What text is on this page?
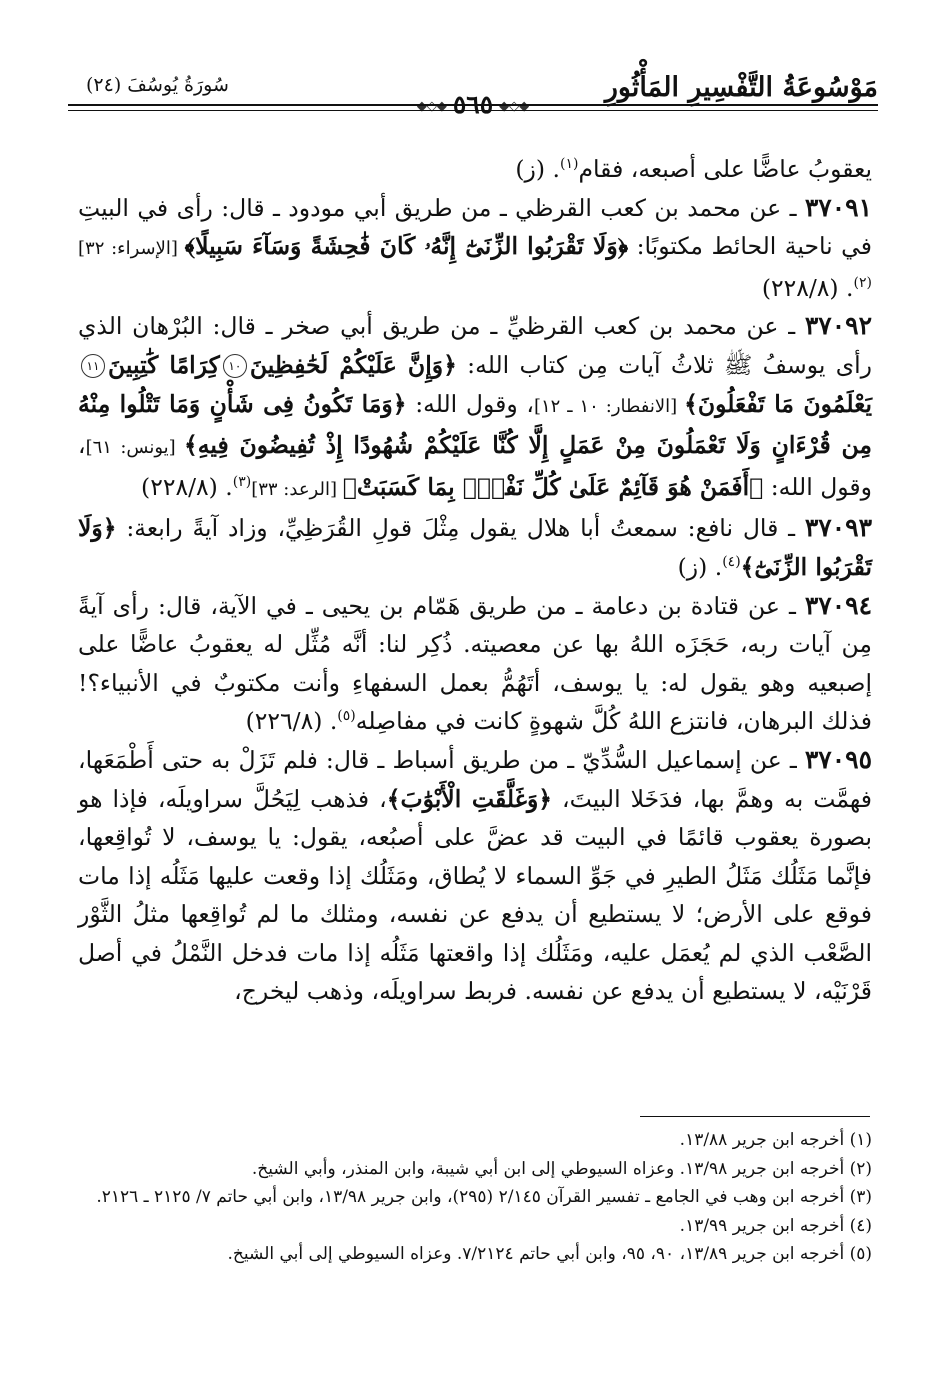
مَوْسُوعَةُ التَّفْسِيرِ المَأْثُورِ
سُورَةُ يُوسُفَ (٢٤)
◆◇◆ ٥٦٥ ◆◇◆

يعقوبُ عاضًّا على أصبعه، فقام$^{(١)}$. (ز)

٣٧٠٩١ ـ عن محمد بن كعب القرظي ـ من طريق أبي مودود ـ قال: رأى في البيتِ في ناحية الحائط مكتوبًا: ﴿وَلَا تَقْرَبُوا الزِّنَىٰٓ إِنَّهُۥ كَانَ فَٰحِشَةً وَسَآءَ سَبِيلًا﴾ [الإسراء: ٣٢]$^{(٢)}$. (٢٢٨/٨)

٣٧٠٩٢ ـ عن محمد بن كعب القرظيِّ ـ من طريق أبي صخر ـ قال: البُرْهان الذي رأى يوسفُ ﷺ ثلاثُ آيات مِن كتاب الله: ﴿وَإِنَّ عَلَيْكُمْ لَحَٰفِظِينَ١٠كِرَامًا كَٰتِبِينَ١١يَعْلَمُونَ مَا تَفْعَلُونَ﴾ [الانفطار: ١٠ ـ ١٢]، وقول الله: ﴿وَمَا تَكُونُ فِى شَأْنٍ وَمَا تَتْلُوا مِنْهُ مِن قُرْءَانٍ وَلَا تَعْمَلُونَ مِنْ عَمَلٍ إِلَّا كُنَّا عَلَيْكُمْ شُهُودًا إِذْ تُفِيضُونَ فِيهِ﴾ [يونس: ٦١]، وقول الله: ﴿أَفَمَنْ هُوَ قَآئِمٌ عَلَىٰ كُلِّ نَفْسٍۭ بِمَا كَسَبَتْ﴾ [الرعد: ٣٣]$^{(٣)}$. (٢٢٨/٨)

٣٧٠٩٣ ـ قال نافع: سمعتُ أبا هلال يقول مِثْلَ قولِ القُرَظِيِّ، وزاد آيةً رابعة: ﴿وَلَا تَقْرَبُوا الزِّنَىٰٓ﴾$^{(٤)}$. (ز)

٣٧٠٩٤ ـ عن قتادة بن دعامة ـ من طريق هَمّام بن يحيى ـ في الآية، قال: رأى آيةً مِن آيات ربه، حَجَزَه اللهُ بها عن معصيته. ذُكِر لنا: أنَّه مُثِّل له يعقوبُ عاضًّا على إصبعيه وهو يقول له: يا يوسف، أتَهُمُّ بعمل السفهاءِ وأنت مكتوبٌ في الأنبياء؟! فذلك البرهان، فانتزع اللهُ كُلَّ شهوةٍ كانت في مفاصِله$^{(٥)}$. (٢٢٦/٨)

٣٧٠٩٥ ـ عن إسماعيل السُّدِّيّ ـ من طريق أسباط ـ قال: فلم تَزَلْ به حتى أَطْمَعَها، فهمَّت به وهمَّ بها، فدَخَلا البيتَ، ﴿وَغَلَّقَتِ الْأَبْوَٰبَ﴾، فذهب لِيَحُلَّ سراويلَه، فإذا هو بصورة يعقوب قائمًا في البيت قد عضَّ على أصبُعه، يقول: يا يوسف، لا تُواقِعها، فإنَّما مَثَلُك مَثَلُ الطيرِ في جَوِّ السماء لا يُطاق، ومَثَلُك إذا وقعت عليها مَثَلُه إذا مات فوقع على الأرض؛ لا يستطيع أن يدفع عن نفسه، ومثلك ما لم تُواقِعها مثلُ الثَّوْر الصَّعْب الذي لم يُعمَل عليه، ومَثَلُك إذا واقعتها مَثَلُه إذا مات فدخل النَّمْلُ في أصل قَرْنَيْه، لا يستطيع أن يدفع عن نفسه. فربط سراويلَه، وذهب ليخرج،

(١) أخرجه ابن جرير ١٣/٨٨.
(٢) أخرجه ابن جرير ١٣/٩٨. وعزاه السيوطي إلى ابن أبي شيبة، وابن المنذر، وأبي الشيخ.
(٣) أخرجه ابن وهب في الجامع ـ تفسير القرآن ٢/١٤٥ (٢٩٥)، وابن جرير ١٣/٩٨، وابن أبي حاتم ٧/ ٢١٢٥ ـ ٢١٢٦.
(٤) أخرجه ابن جرير ١٣/٩٩.
(٥) أخرجه ابن جرير ١٣/٨٩، ٩٠، ٩٥، وابن أبي حاتم ٧/٢١٢٤. وعزاه السيوطي إلى أبي الشيخ.
